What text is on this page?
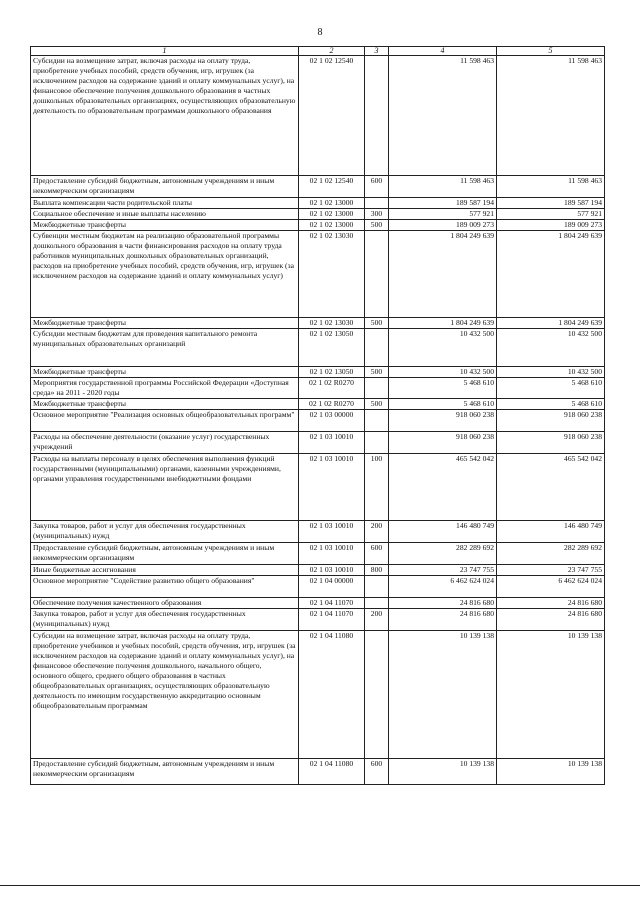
8
1	2	3	4	5
Субсидии на возмещение затрат, включая расходы на оплату труда, приобретение учебных пособий, средств обучения, игр, игрушек (за исключением расходов на содержание зданий и оплату коммунальных услуг), на финансовое обеспечение получения дошкольного образования в частных дошкольных образовательных организациях, осуществляющих образовательную деятельность по образовательным программам дошкольного образования	02 1 02 12540		11 598 463	11 598 463
Предоставление субсидий бюджетным, автономным учреждениям и иным некоммерческим организациям	02 1 02 12540	600	11 598 463	11 598 463
Выплата компенсации части родительской платы	02 1 02 13000		189 587 194	189 587 194
Социальное обеспечение и иные выплаты населению	02 1 02 13000	300	577 921	577 921
Межбюджетные трансферты	02 1 02 13000	500	189 009 273	189 009 273
Субвенции местным бюджетам на реализацию образовательной программы дошкольного образования в части финансирования расходов на оплату труда работников муниципальных дошкольных образовательных организаций, расходов на приобретение учебных пособий, средств обучения, игр, игрушек (за исключением расходов на содержание зданий и оплату коммунальных услуг)	02 1 02 13030		1 804 249 639	1 804 249 639
Межбюджетные трансферты	02 1 02 13030	500	1 804 249 639	1 804 249 639
Субсидии местным бюджетам для проведения капитального ремонта муниципальных образовательных организаций	02 1 02 13050		10 432 500	10 432 500
Межбюджетные трансферты	02 1 02 13050	500	10 432 500	10 432 500
Мероприятия государственной программы Российской Федерации «Доступная среда» на 2011 - 2020 годы	02 1 02 R0270		5 468 610	5 468 610
Межбюджетные трансферты	02 1 02 R0270	500	5 468 610	5 468 610
Основное мероприятие "Реализация основных общеобразовательных программ"	02 1 03 00000		918 060 238	918 060 238
Расходы на обеспечение деятельности (оказание услуг) государственных учреждений	02 1 03 10010		918 060 238	918 060 238
Расходы на выплаты персоналу в целях обеспечения выполнения функций государственными (муниципальными) органами, казенными учреждениями, органами управления государственными внебюджетными фондами	02 1 03 10010	100	465 542 042	465 542 042
Закупка товаров, работ и услуг для обеспечения государственных (муниципальных) нужд	02 1 03 10010	200	146 480 749	146 480 749
Предоставление субсидий бюджетным, автономным учреждениям и иным некоммерческим организациям	02 1 03 10010	600	282 289 692	282 289 692
Иные бюджетные ассигнования	02 1 03 10010	800	23 747 755	23 747 755
Основное мероприятие "Содействие развитию общего образования"	02 1 04 00000		6 462 624 024	6 462 624 024
Обеспечение получения качественного образования	02 1 04 11070		24 816 680	24 816 680
Закупка товаров, работ и услуг для обеспечения государственных (муниципальных) нужд	02 1 04 11070	200	24 816 680	24 816 680
Субсидии на возмещение затрат, включая расходы на оплату труда, приобретение учебников и учебных пособий, средств обучения, игр, игрушек (за исключением расходов на содержание зданий и оплату коммунальных услуг), на финансовое обеспечение получения дошкольного, начального общего, основного общего, среднего общего образования в частных общеобразовательных организациях, осуществляющих образовательную деятельность по имеющим государственную аккредитацию основным общеобразовательным программам	02 1 04 11080		10 139 138	10 139 138
Предоставление субсидий бюджетным, автономным учреждениям и иным некоммерческим организациям	02 1 04 11080	600	10 139 138	10 139 138
